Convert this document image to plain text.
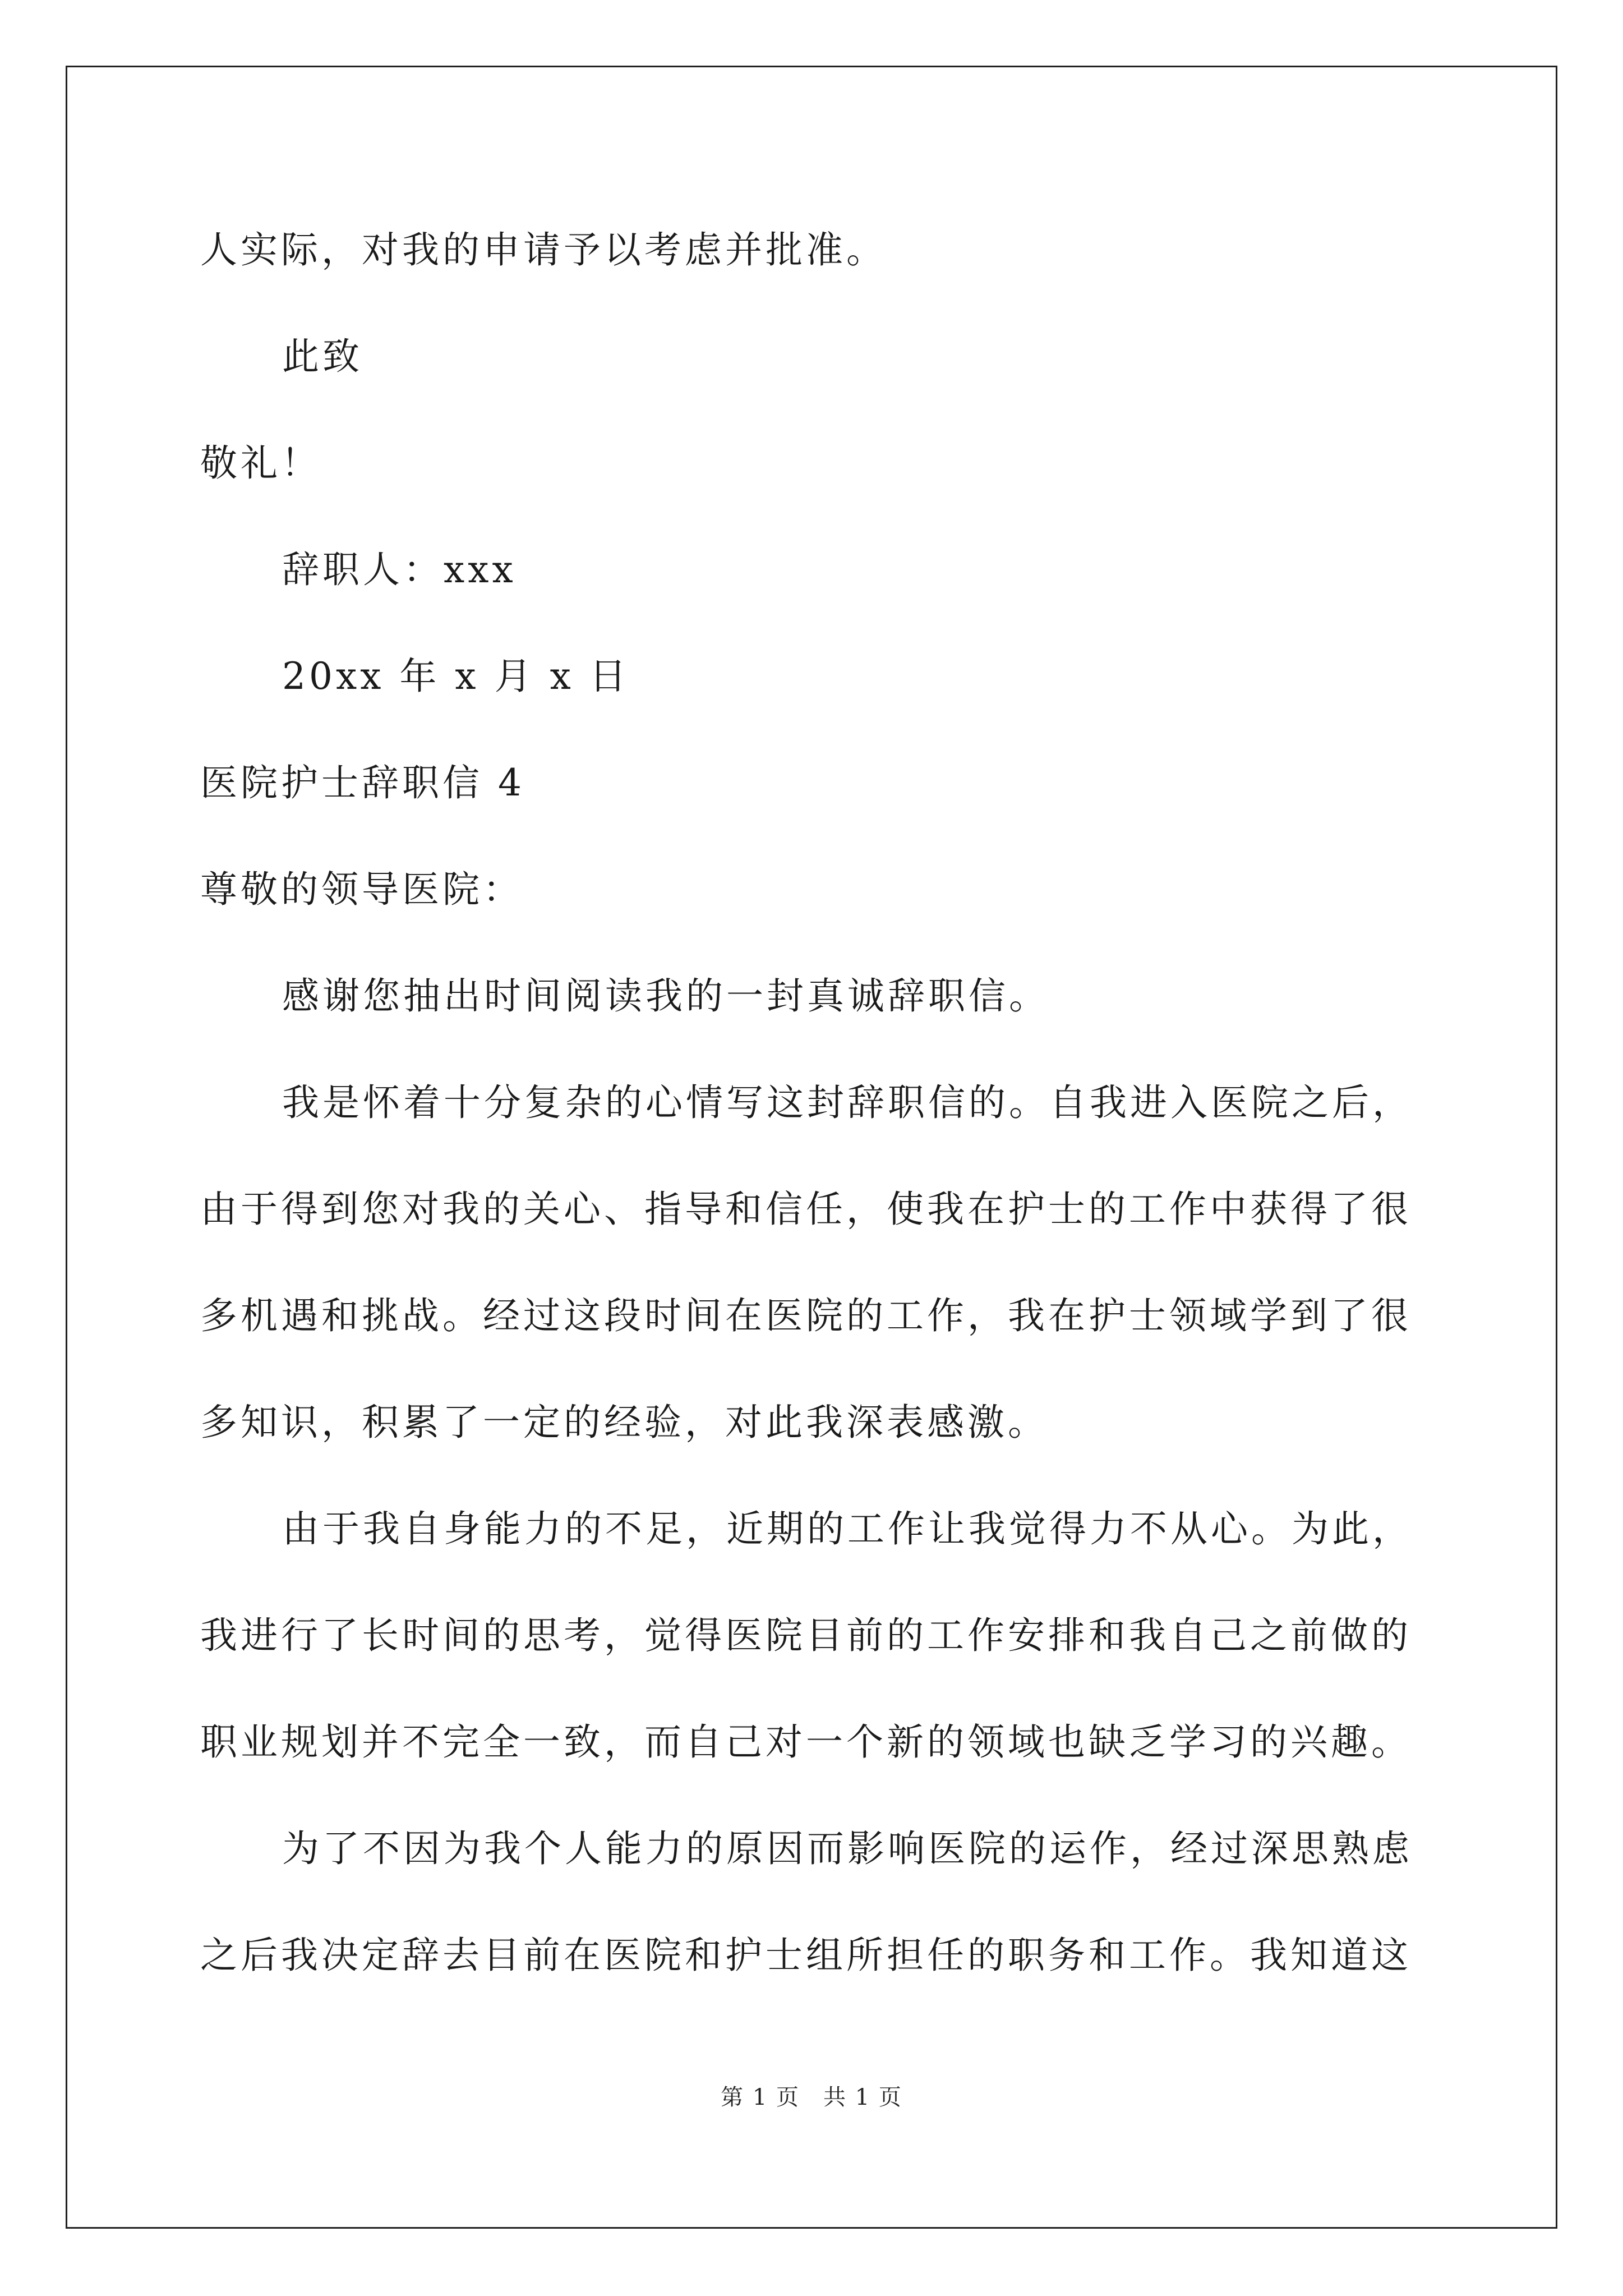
人实际，对我的申请予以考虑并批准。
此致
敬礼！
辞职人：xxx
20xx 年 x 月 x 日
医院护士辞职信 4
尊敬的领导医院：
感谢您抽出时间阅读我的一封真诚辞职信。
我是怀着十分复杂的心情写这封辞职信的。自我进入医院之后，
由于得到您对我的关心、指导和信任，使我在护士的工作中获得了很
多机遇和挑战。经过这段时间在医院的工作，我在护士领域学到了很
多知识，积累了一定的经验，对此我深表感激。
由于我自身能力的不足，近期的工作让我觉得力不从心。为此，
我进行了长时间的思考，觉得医院目前的工作安排和我自己之前做的
职业规划并不完全一致，而自己对一个新的领域也缺乏学习的兴趣。
为了不因为我个人能力的原因而影响医院的运作，经过深思熟虑
之后我决定辞去目前在医院和护士组所担任的职务和工作。我知道这
第 1 页　共 1 页
